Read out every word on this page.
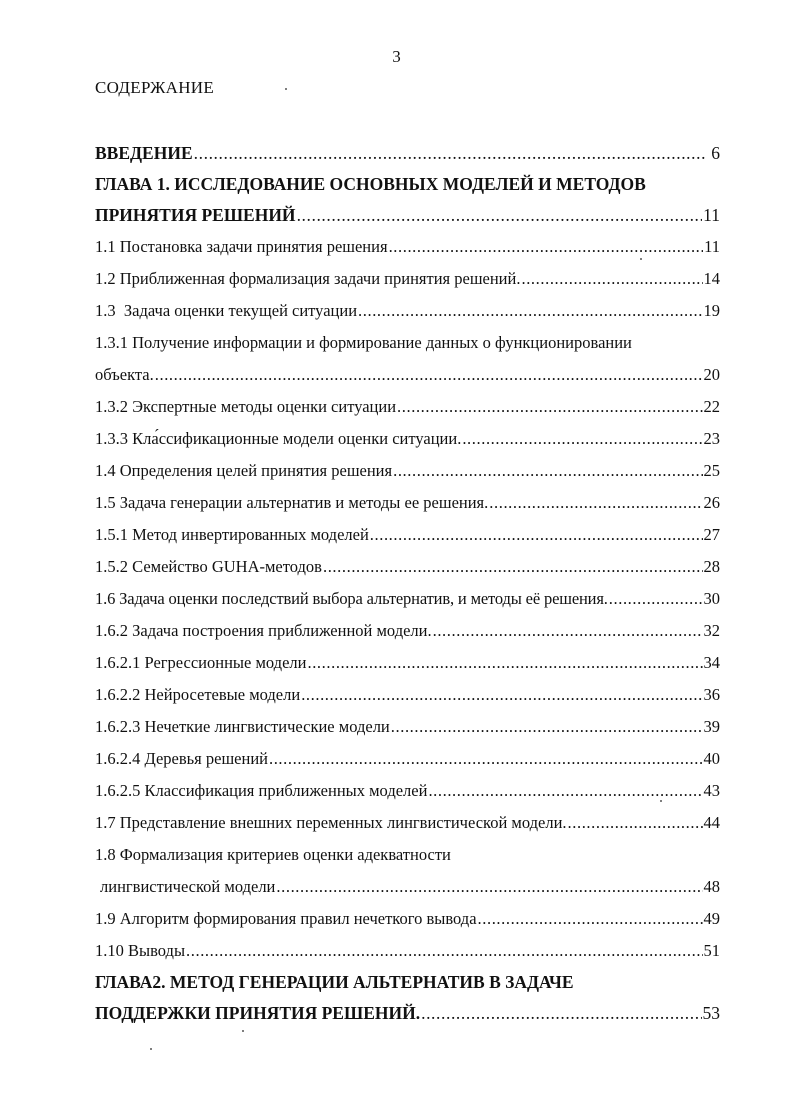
3
СОДЕРЖАНИЕ
ВВЕДЕНИЕ .....	6
ГЛАВА 1. ИССЛЕДОВАНИЕ ОСНОВНЫХ МОДЕЛЕЙ И МЕТОДОВ
ПРИНЯТИЯ РЕШЕНИЙ .....	11
1.1 Постановка задачи принятия решения .....	11
1.2 Приближенная формализация задачи принятия решений. .....	14
1.3  Задача оценки текущей ситуации .....	19
1.3.1 Получение информации и формирование данных о функционировании
объекта. .....	20
1.3.2 Экспертные методы оценки ситуации .....	22
1.3.3 Кла́ссификационные модели оценки ситуации. .....	23
1.4 Определения целей принятия решения .....	25
1.5 Задача генерации альтернатив и методы ее решения. .....	26
1.5.1 Метод инвертированных моделей .....	27
1.5.2 Семейство GUHA-методов .....	28
1.6 Задача оценки последствий выбора альтернатив, и методы её решения. .....	30
1.6.2 Задача построения приближенной модели. .....	32
1.6.2.1 Регрессионные модели .....	34
1.6.2.2 Нейросетевые модели .....	36
1.6.2.3 Нечеткие лингвистические модели .....	39
1.6.2.4 Деревья решений .....	40
1.6.2.5 Классификация приближенных моделей .....	43
1.7 Представление внешних переменных лингвистической модели. .....	44
1.8 Формализация критериев оценки адекватности
лингвистической модели .....	48
1.9 Алгоритм формирования правил нечеткого вывода .....	49
1.10 Выводы .....	51
ГЛАВА2. МЕТОД ГЕНЕРАЦИИ АЛЬТЕРНАТИВ В ЗАДАЧЕ
ПОДДЕРЖКИ ПРИНЯТИЯ РЕШЕНИЙ. .....	53
